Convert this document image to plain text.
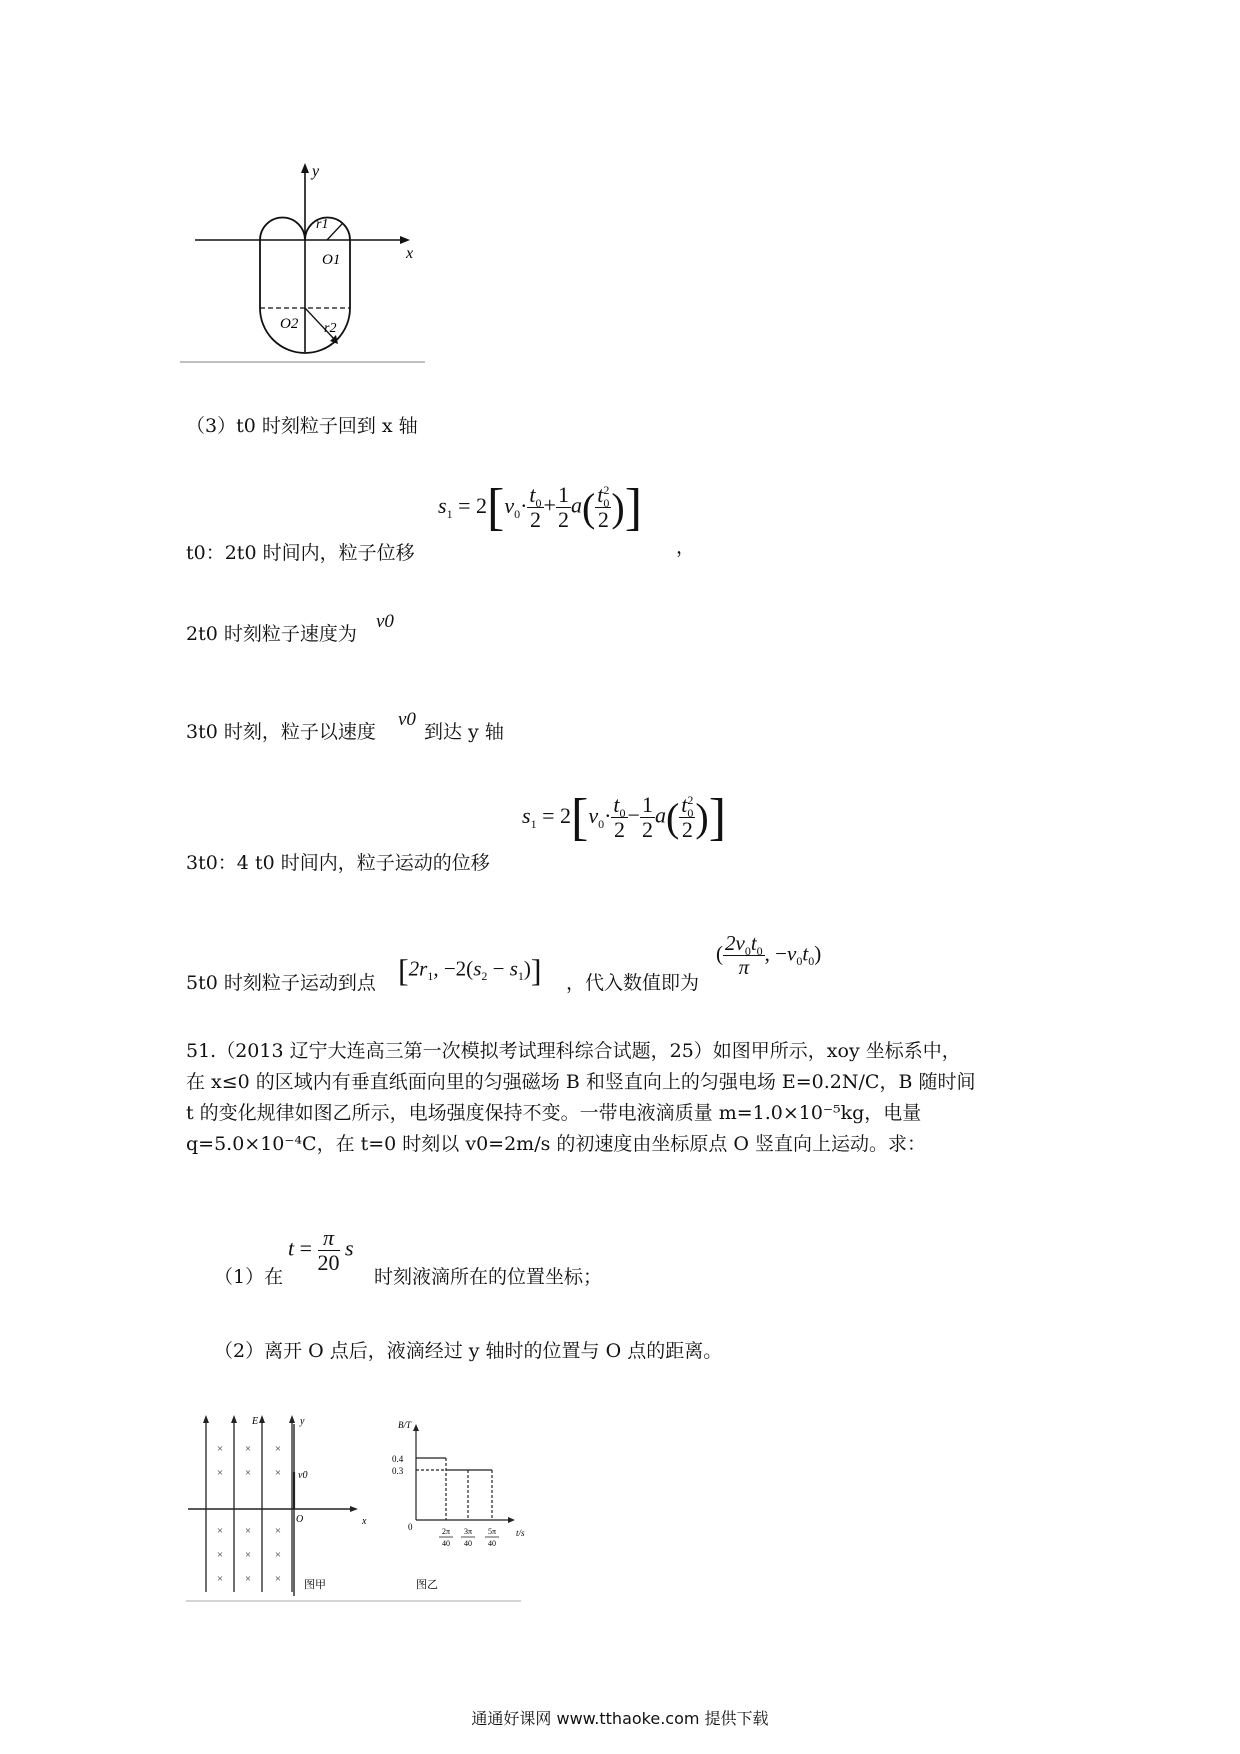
y
x
r1
O1
O2 r2
（3）t0 时刻粒子回到 x 轴
t0：2t0 时间内，粒子位移
$s_1 = 2[v_0\cdot \frac{t_0}{2} + \frac{1}{2} a( \frac{t^2_0}{2}$ )]
，
2t0 时刻粒子速度为
v0
3t0 时刻，粒子以速度
v0
到达 y 轴
3t0：4 t0 时间内，粒子运动的位移
$s_1 = 2[v_0\cdot \frac{t_0}{2} - \frac{1}{2} a( \frac{t^2_0}{2}$ )]
5t0 时刻粒子运动到点 [$2r_1$, $-2(s_2 - s_1)$] ，代入数值即为
( $\frac{2v_0t_0}{\pi}$ , $-v_0t_0$)
51.（2013 辽宁大连高三第一次模拟考试理科综合试题，25）如图甲所示，xoy 坐标系中，
在 x≤0 的区域内有垂直纸面向里的匀强磁场 B 和竖直向上的匀强电场 E=0.2N/C，B 随时间
t 的变化规律如图乙所示，电场强度保持不变。一带电液滴质量 m=1.0×10⁻⁵kg，电量
q=5.0×10⁻⁴C，在 t=0 时刻以 v0=2m/s 的初速度由坐标原点 O 竖直向上运动。求：
（1）在
$t = \frac{\pi}{20}$ s
时刻液滴所在的位置坐标；
（2）离开 O 点后，液滴经过 y 轴时的位置与 O 点的距离。
× × ×
× × ×
× × ×
× × ×
× × ×
E	y
v0
O	x
图甲
B/T
0.4
0.3
0
t/s
2π
40
3π
40
5π
40
图乙
通通好课网 www.tthaoke.com 提供下载
